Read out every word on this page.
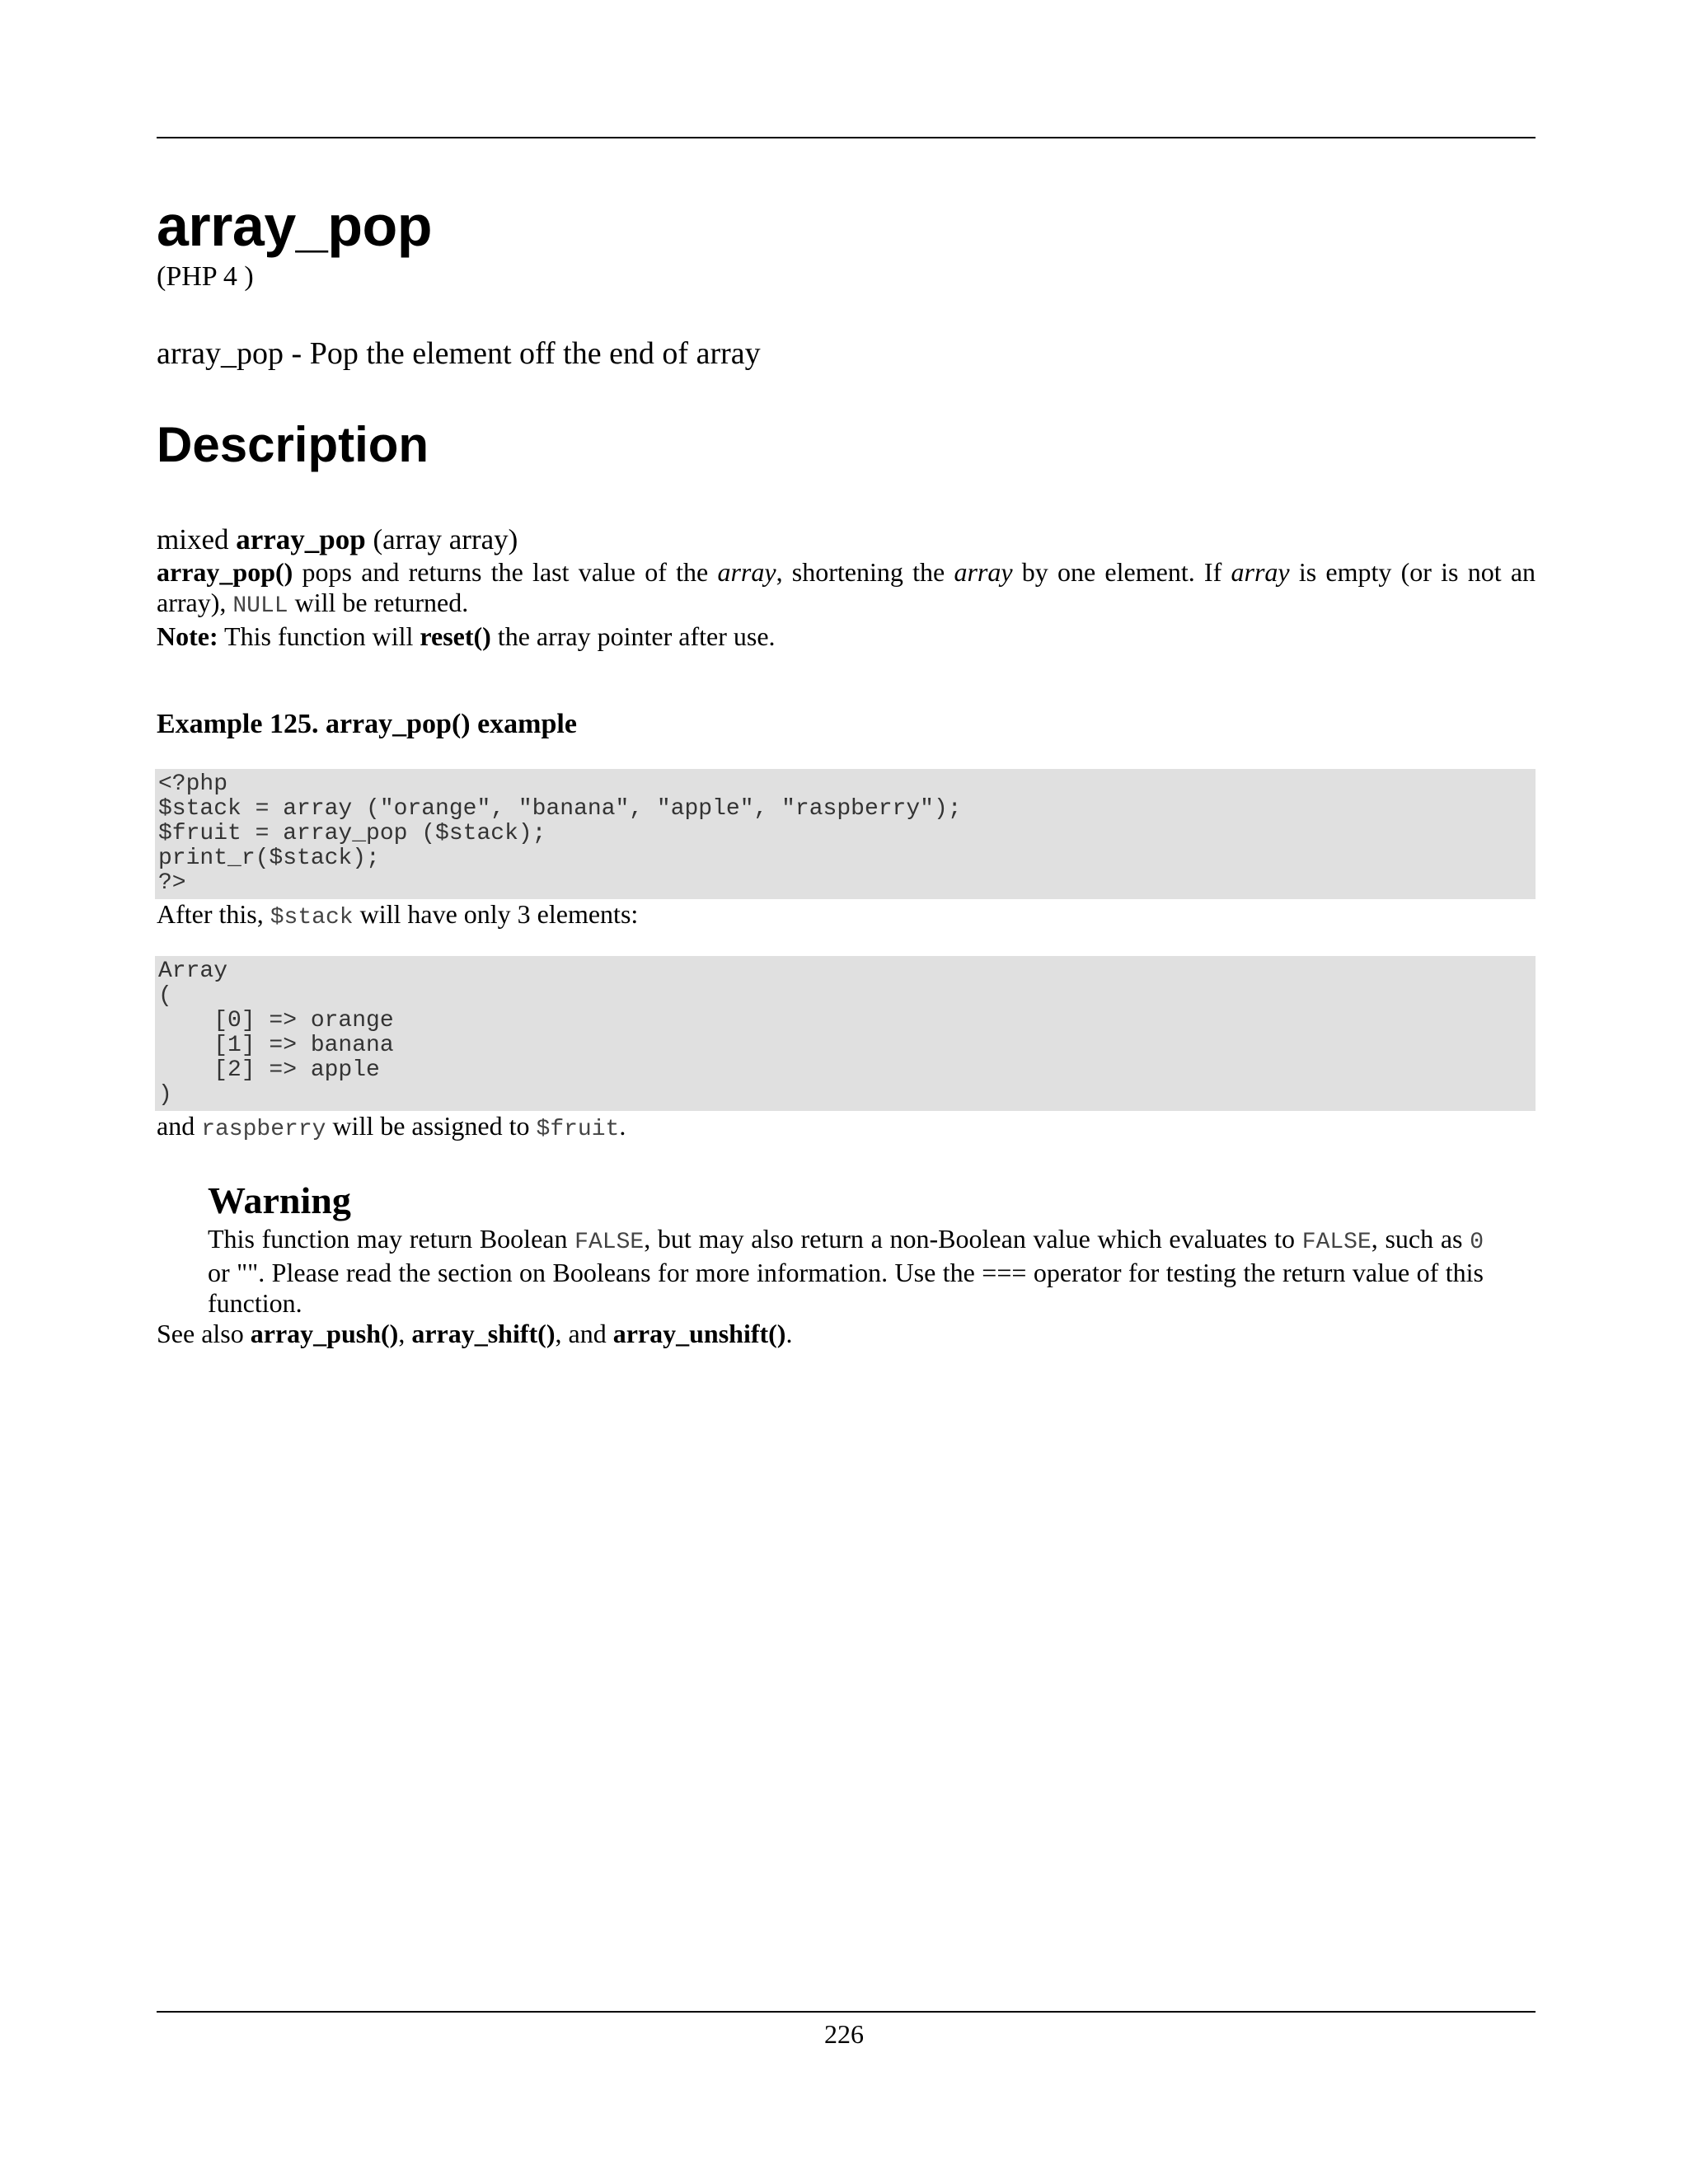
array_pop
(PHP 4 )
array_pop - Pop the element off the end of array
Description
mixed array_pop (array array)

array_pop() pops and returns the last value of the array, shortening the array by one element. If array is empty (or is not an array), NULL will be returned.

Note: This function will reset() the array pointer after use.

Example 125. array_pop() example
<?php
$stack = array ("orange", "banana", "apple", "raspberry");
$fruit = array_pop ($stack);
print_r($stack);
?>

After this, $stack will have only 3 elements:

Array
(
[0] => orange
[1] => banana
[2] => apple
)

and raspberry will be assigned to $fruit.

Warning

This function may return Boolean FALSE, but may also return a non-Boolean value which evaluates to FALSE, such as 0 or "". Please read the section on Booleans for more information. Use the === operator for testing the return value of this function.

See also array_push(), array_shift(), and array_unshift().

226
